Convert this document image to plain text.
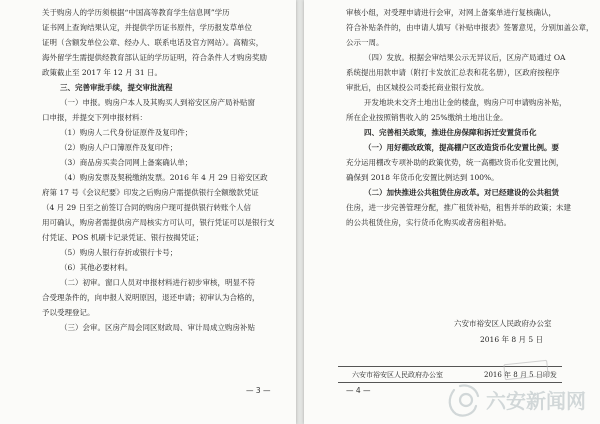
关于购房人的学历须根据“中国高等教育学生信息网”学历
证书网上查询结果认定，并提供学历证书原件，学历报发草单位
证明（含额发单位公章、经办人、联系电话及官方网站）。高精实，
海外留学生需提供经教育部认证的学历证明，符合条件人才购房奖励
政策截止至 2017 年 12 月 31 日。
三、完善审批手续，提交审批流程
（一）申报。购房户本人及其购买人到裕安区房产局补贴窗
口申报，并提交下列申报材料：
（1）购房人二代身份证原件及复印件；
（2）购房人户口簿原件及复印件；
（3）商品房买卖合同网上备案确认单；
（4）购房发票及契税缴纳发票。2016 年 4 月 29 日裕安区政
府第 17 号《会议纪要》印发之后购房户需提供银行全额缴款凭证
（4 月 29 日至之前签订合同的购房户现可提供银行转账个人信
用可确认，购房者需提供房产局核实方可认可，银行凭证可以是银行支
付凭证、POS 机刷卡记录凭证、银行按揭凭证；
（5）购房人银行存折或银行卡号；
（6）其他必要材料。
（二）初审。窗口人员对申报材料进行初步审核，明显不符
合受理条件的，向申报人说明原因，退还申请；初审认为合格的，
予以受理登记。
（三）会审。区房产局会同区财政局、审计局成立购房补贴
— 3 —
审核小组，对受理申请进行会审，对网上备案单进行复核确认，
符合补贴条件的，由申请人填写《补贴申报表》签署意见，分别加盖公章，
公示一周。
（四）发放。根据会审结果公示无异议后，区房产局通过 OA
系统提出用款申请（附打卡发放汇总表和花名册），区政府按程序
审批后，由区城投公司委托商业银行发放。
开发地块未交齐土地出让金的楼盘，购房户可申请购房补贴，
所在企业按照销售收入的 25%缴纳土地出让金。
四、完善相关政策，推进住房保障和拆迁安置货币化
（一）用好棚改政策，提高棚户区改造货币化安置比例。要
充分运用棚改专项补助的政策优势，统一高棚改货币化安置比例，
确保到 2018 年货币化安置比例达到 100%。
（二）加快推进公共租赁住房改革。对已经建设的公共租赁
住房，进一步完善管理分配，推广租赁补贴，租售并举的政策；未建
的公共租赁住房，实行货币化购买或者房租补贴。
六安市裕安区人民政府办公室
2016 年 8 月 5 日
六安市裕安区人民政府办公室	2016 年 8 月 5 日印发
— 4 —	六安新闻网
